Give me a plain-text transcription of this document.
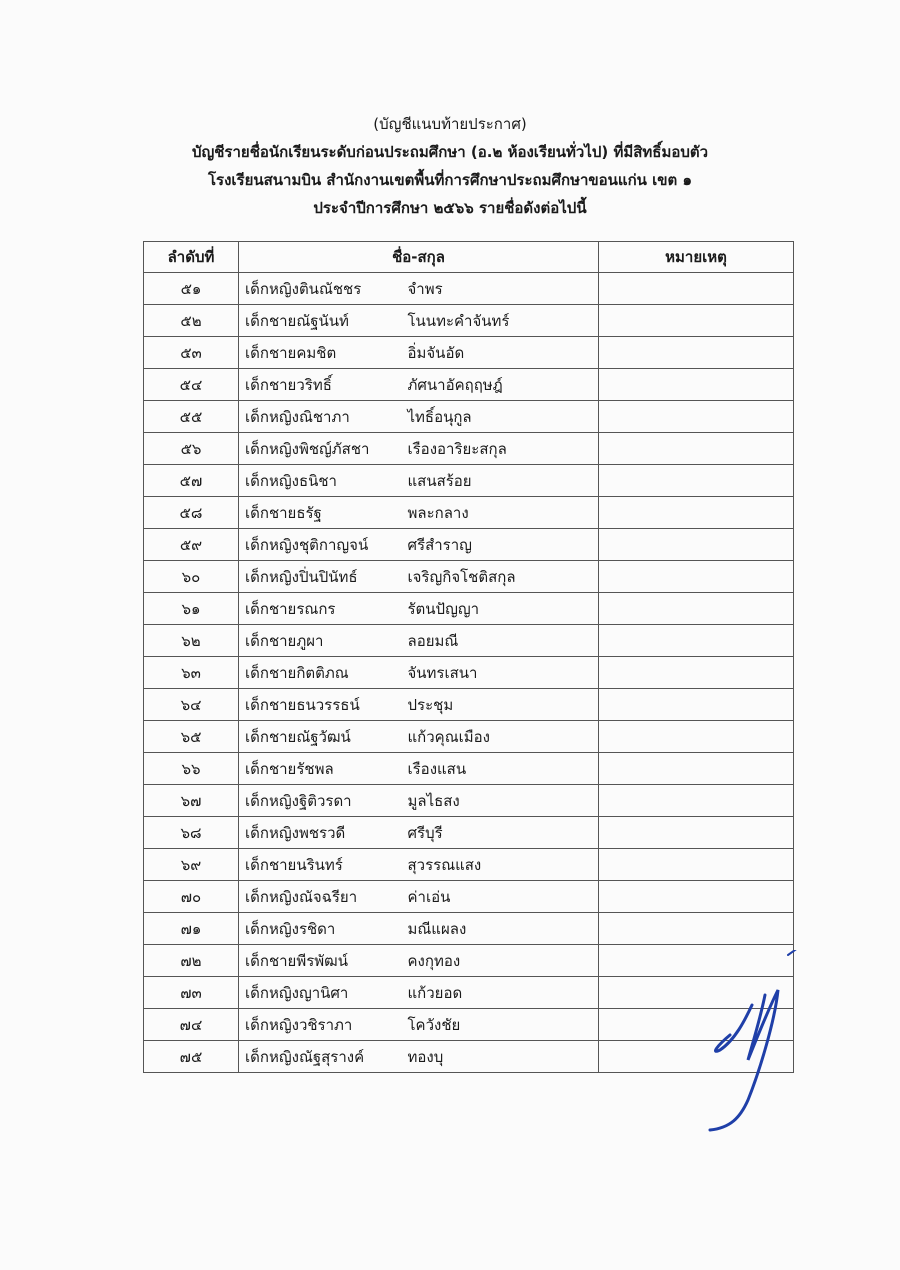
(บัญชีแนบท้ายประกาศ)
บัญชีรายชื่อนักเรียนระดับก่อนประถมศึกษา (อ.๒ ห้องเรียนทั่วไป) ที่มีสิทธิ์มอบตัว
โรงเรียนสนามบิน สำนักงานเขตพื้นที่การศึกษาประถมศึกษาขอนแก่น เขต ๑
ประจำปีการศึกษา ๒๕๖๖ รายชื่อดังต่อไปนี้
ลำดับที่	ชื่อ-สกุล		หมายเหตุ
๕๑	เด็กหญิงตินณัชชร	จำพร	
๕๒	เด็กชายณัฐนันท์	โนนทะคำจันทร์	
๕๓	เด็กชายคมชิต	อิ่มจันอัด	
๕๔	เด็กชายวริทธิ์	ภัศนาอัคฤฤษฎ์	
๕๕	เด็กหญิงณิชาภา	ไทธิ์อนุกูล	
๕๖	เด็กหญิงพิชญ์ภัสชา	เรืองอาริยะสกุล	
๕๗	เด็กหญิงธนิชา	แสนสร้อย	
๕๘	เด็กชายธรัฐ	พละกลาง	
๕๙	เด็กหญิงชุติกาญจน์	ศรีสำราญ	
๖๐	เด็กหญิงปิ่นปินัทธ์	เจริญกิจโชติสกุล	
๖๑	เด็กชายรณกร	รัตนปัญญา	
๖๒	เด็กชายภูผา	ลอยมณี	
๖๓	เด็กชายกิตติภณ	จันทรเสนา	
๖๔	เด็กชายธนวรรธน์	ประชุม	
๖๕	เด็กชายณัฐวัฒน์	แก้วคุณเมือง	
๖๖	เด็กชายรัชพล	เรืองแสน	
๖๗	เด็กหญิงฐิติวรดา	มูลไธสง	
๖๘	เด็กหญิงพชรวดี	ศรีบุรี	
๖๙	เด็กชายนรินทร์	สุวรรณแสง	
๗๐	เด็กหญิงณัจฉรียา	ค่าเอ่น	
๗๑	เด็กหญิงรชิดา	มณีแผลง	
๗๒	เด็กชายพีรพัฒน์	คงกุทอง	
๗๓	เด็กหญิงญานิศา	แก้วยอด	
๗๔	เด็กหญิงวชิราภา	โควังชัย	
๗๕	เด็กหญิงณัฐสุรางค์	ทองบุ	
